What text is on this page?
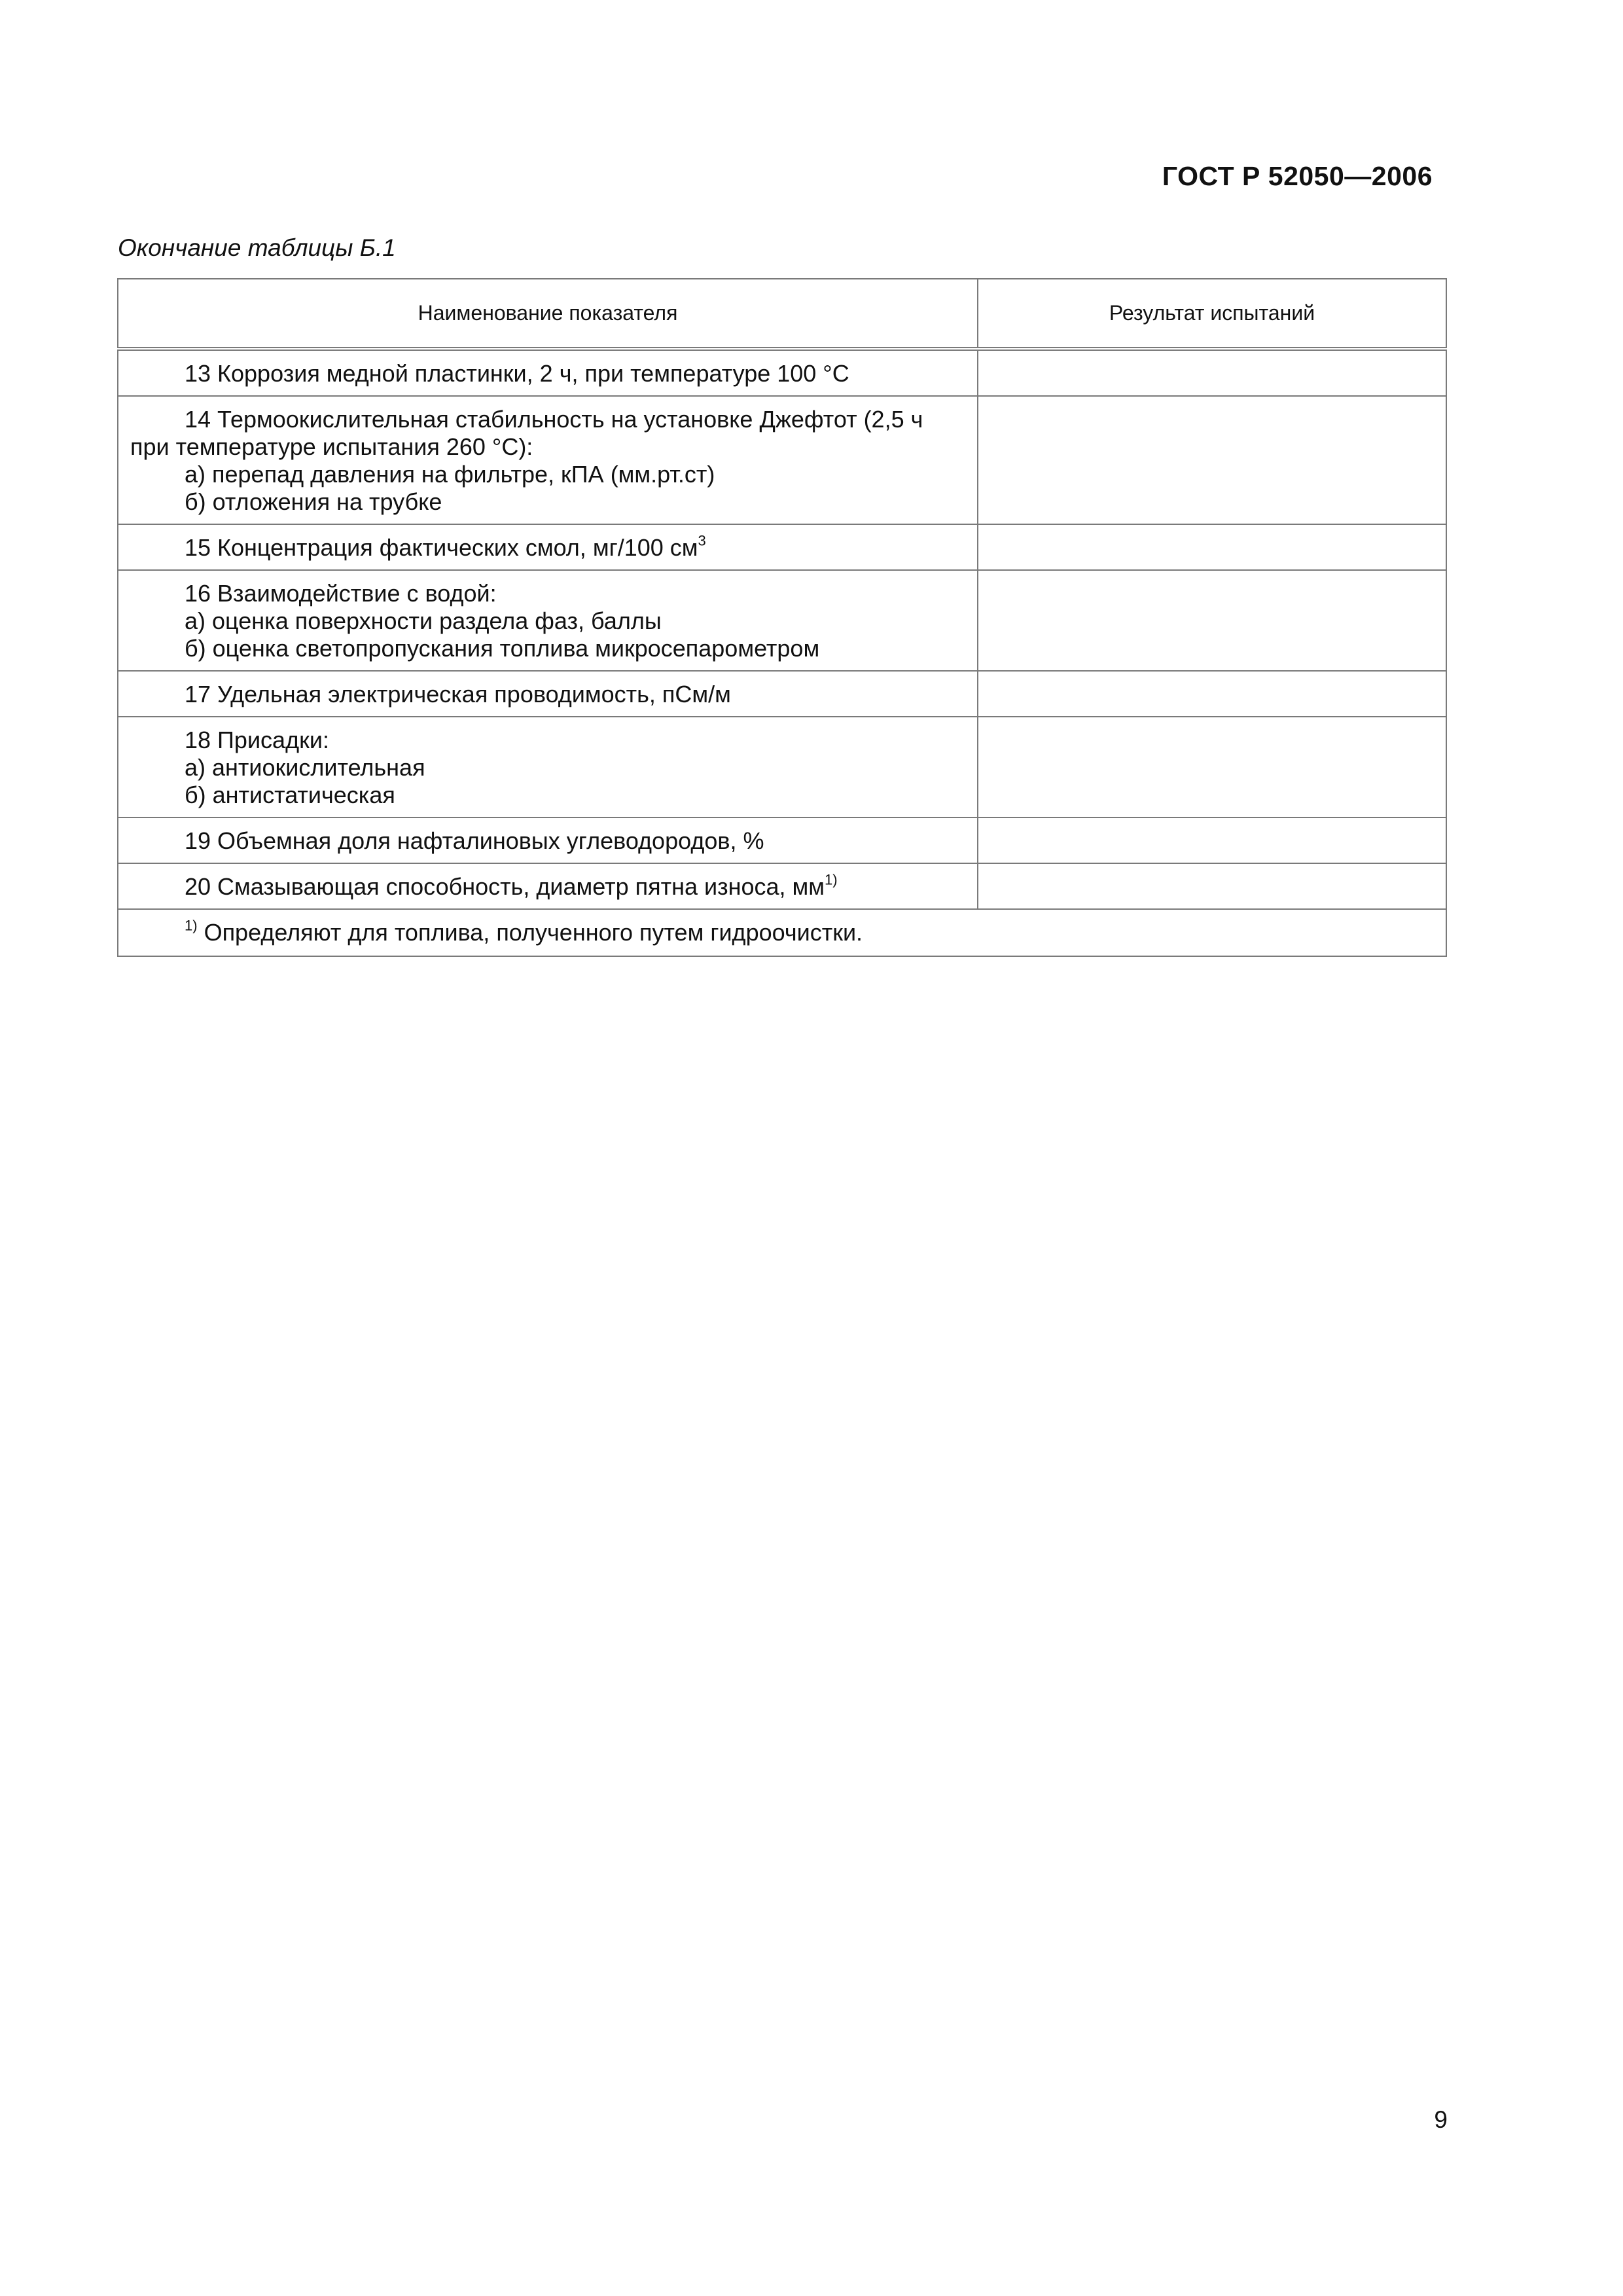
ГОСТ Р 52050—2006
Окончание таблицы Б.1
Наименование показателя	Результат испытаний

13 Коррозия медной пластинки, 2 ч, при температуре 100 °С	

14 Термоокислительная стабильность на установке Джефтот (2,5 ч
при температуре испытания 260 °С):
а) перепад давления на фильтре, кПА (мм.рт.ст)
б) отложения на трубке	

15 Концентрация фактических смол, мг/100 $см^3$

16 Взаимодействие с водой:
а) оценка поверхности раздела фаз, баллы
б) оценка светопропускания топлива микросепарометром	

17 Удельная электрическая проводимость, пСм/м	

18 Присадки:
а) антиокислительная
б) антистатическая	

19 Объемная доля нафталиновых углеводородов, %	

20 Смазывающая способность, диаметр пятна износа, $мм^{1)}$

$^{1)}$ Определяют для топлива, полученного путем гидроочистки.	
9
